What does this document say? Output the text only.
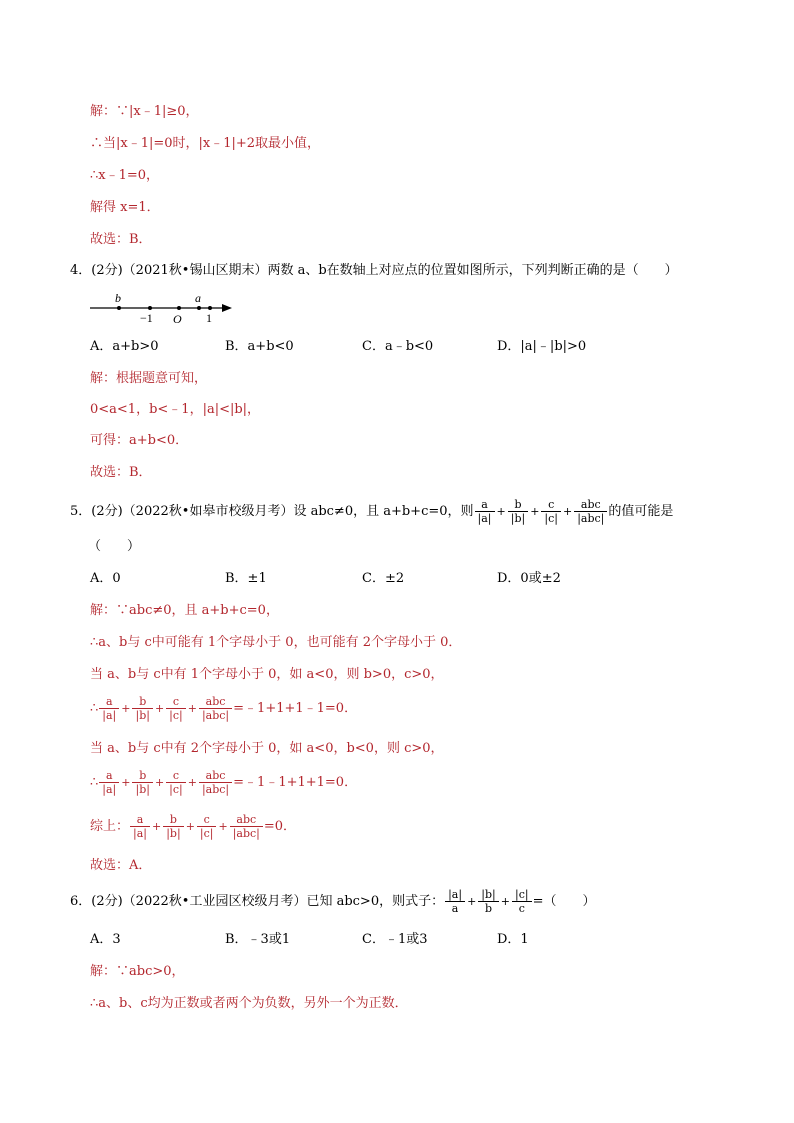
解：∵|x﹣1|≥0，
∴当|x﹣1|=0时，|x﹣1|+2取最小值，
∴x﹣1=0，
解得 x=1．
故选：B．
4．(2分)（2021秋•锡山区期末）两数 a、b在数轴上对应点的位置如图所示，下列判断正确的是（　　）
b	a
−1 O 1
A．a+b>0	B．a+b<0	C．a﹣b<0	D．|a|﹣|b|>0
解：根据题意可知，
0<a<1，b<﹣1，|a|<|b|，
可得：a+b<0．
故选：B．
5．(2分)（2022秋•如皋市校级月考）设 abc≠0，且 a+b+c=0，则 $\frac{a}{|a|} + \frac{b}{|b|} + \frac{c}{|c|} + \frac{\text{abc}}{\text{|abc|}}$ 的值可能是
（　　）
A．0	B．±1	C．±2	D．0或±2
解：∵abc≠0，且 a+b+c=0，
∴a、b与 c中可能有 1个字母小于 0，也可能有 2个字母小于 0．
当 a、b与 c中有 1个字母小于 0，如 a<0，则 b>0，c>0，
∴ $\frac{a}{|a|} + \frac{b}{|b|} + \frac{c}{|c|} + \frac{\text{abc}}{\text{|abc|}}$ =﹣1+1+1﹣1=0．
当 a、b与 c中有 2个字母小于 0，如 a<0，b<0，则 c>0，
∴ $\frac{a}{|a|} + \frac{b}{|b|} + \frac{c}{|c|} + \frac{\text{abc}}{\text{|abc|}}$ =﹣1﹣1+1+1=0．
综上： $\frac{a}{|a|} + \frac{b}{|b|} + \frac{c}{|c|} + \frac{\text{abc}}{\text{|abc|}} =0$．
故选：A．
6．(2分)（2022秋•工业园区校级月考）已知 abc>0，则式子： $\frac{|a|}{a} + \frac{|b|}{b} + \frac{|c|}{c}$ =（　　）
A．3	B．﹣3或1	C．﹣1或3	D．1
解：∵abc>0，
∴a、b、c均为正数或者两个为负数，另外一个为正数．
